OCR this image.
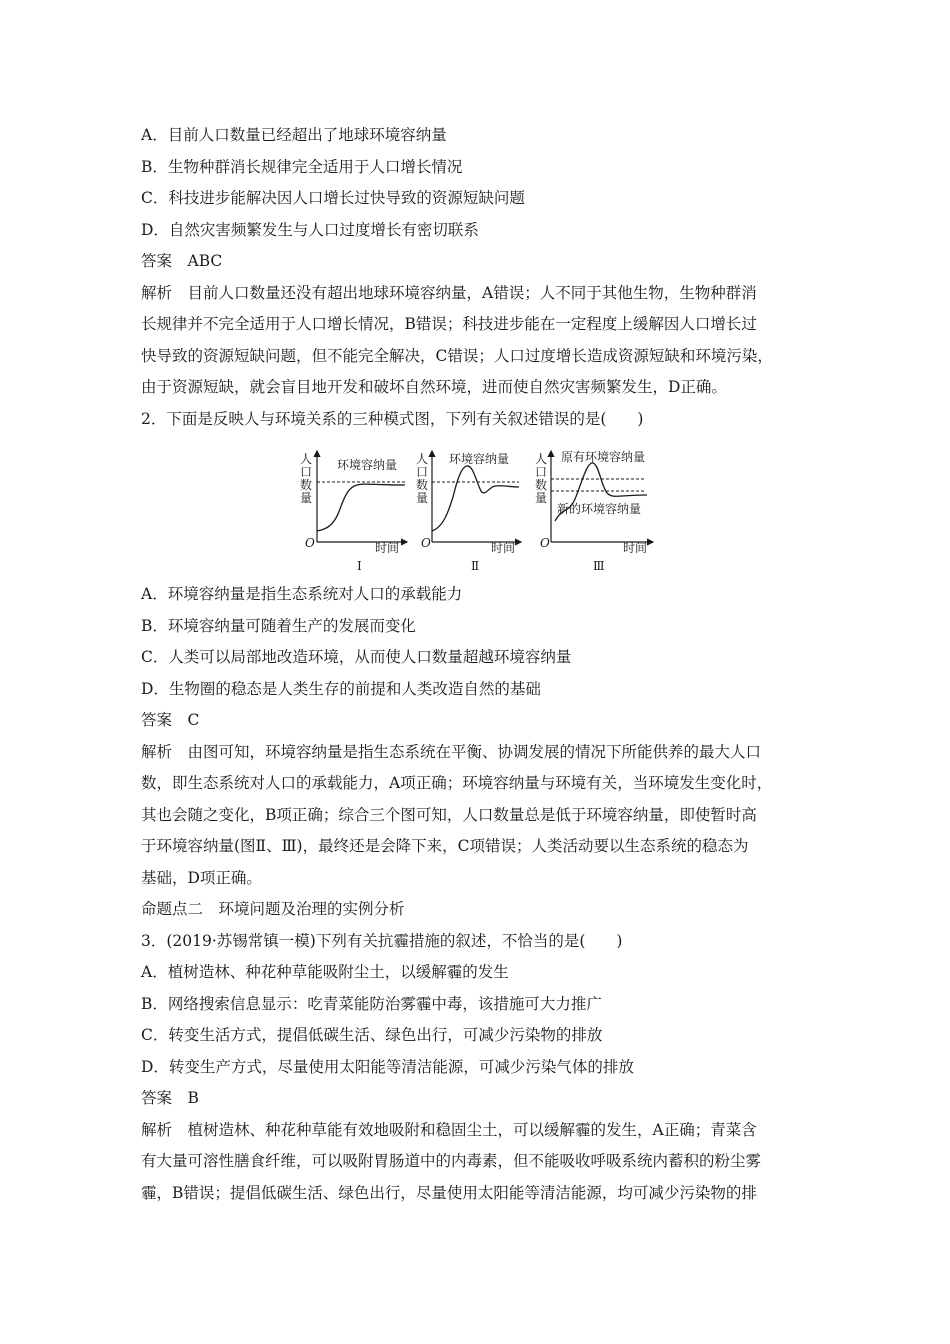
A．目前人口数量已经超出了地球环境容纳量
B．生物种群消长规律完全适用于人口增长情况
C．科技进步能解决因人口增长过快导致的资源短缺问题
D．自然灾害频繁发生与人口过度增长有密切联系
答案　ABC
解析　目前人口数量还没有超出地球环境容纳量，A错误；人不同于其他生物，生物种群消
长规律并不完全适用于人口增长情况，B错误；科技进步能在一定程度上缓解因人口增长过
快导致的资源短缺问题，但不能完全解决，C错误；人口过度增长造成资源短缺和环境污染，
由于资源短缺，就会盲目地开发和破坏自然环境，进而使自然灾害频繁发生，D正确。
2．下面是反映人与环境关系的三种模式图，下列有关叙述错误的是(　　)
人
口
数
量
环境容纳量
O	时间
Ⅰ
人
口
数
量
环境容纳量
O	时间
Ⅱ
人
口
数
量
原有环境容纳量
新的环境容纳量
O	时间
Ⅲ
A．环境容纳量是指生态系统对人口的承载能力
B．环境容纳量可随着生产的发展而变化
C．人类可以局部地改造环境，从而使人口数量超越环境容纳量
D．生物圈的稳态是人类生存的前提和人类改造自然的基础
答案　C
解析　由图可知，环境容纳量是指生态系统在平衡、协调发展的情况下所能供养的最大人口
数，即生态系统对人口的承载能力，A项正确；环境容纳量与环境有关，当环境发生变化时，
其也会随之变化，B项正确；综合三个图可知，人口数量总是低于环境容纳量，即使暂时高
于环境容纳量(图Ⅱ、Ⅲ)，最终还是会降下来，C项错误；人类活动要以生态系统的稳态为
基础，D项正确。
命题点二　环境问题及治理的实例分析
3．(2019·苏锡常镇一模)下列有关抗霾措施的叙述，不恰当的是(　　)
A．植树造林、种花种草能吸附尘土，以缓解霾的发生
B．网络搜索信息显示：吃青菜能防治雾霾中毒，该措施可大力推广
C．转变生活方式，提倡低碳生活、绿色出行，可减少污染物的排放
D．转变生产方式，尽量使用太阳能等清洁能源，可减少污染气体的排放
答案　B
解析　植树造林、种花种草能有效地吸附和稳固尘土，可以缓解霾的发生，A正确；青菜含
有大量可溶性膳食纤维，可以吸附胃肠道中的内毒素，但不能吸收呼吸系统内蓄积的粉尘雾
霾，B错误；提倡低碳生活、绿色出行，尽量使用太阳能等清洁能源，均可减少污染物的排
